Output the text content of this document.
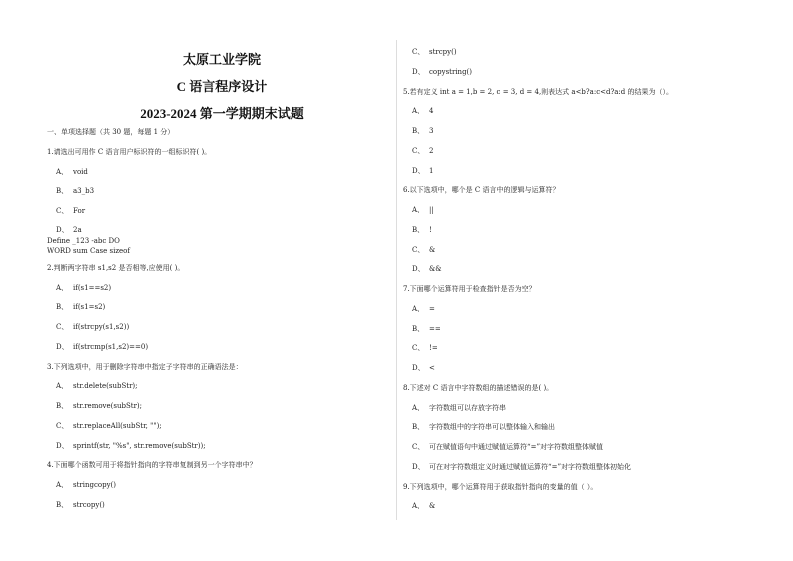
太原工业学院
C 语言程序设计
2023-2024 第一学期期末试题
一、单项选择题（共 30 题，每题 1 分）
1.请选出可用作 C 语言用户标识符的一组标识符( )。
A、 void
B、 a3_b3
C、 For
D、 2a
Define _123 -abc DO
WORD sum Case sizeof
2.判断两字符串 s1,s2 是否相等,应使用( )。
A、 if(s1==s2)
B、 if(s1=s2)
C、 if(strcpy(s1,s2))
D、 if(strcmp(s1,s2)==0)
3.下列选项中，用于删除字符串中指定子字符串的正确语法是：
A、 str.delete(subStr);
B、 str.remove(subStr);
C、 str.replaceAll(subStr, "");
D、 sprintf(str, "%s", str.remove(subStr));
4.下面哪个函数可用于将指针指向的字符串复制到另一个字符串中？
A、 stringcopy()
B、 strcopy()
C、 strcpy()
D、 copystring()
5.若有定义 int a = 1,b = 2, c = 3, d = 4,则表达式 a<b?a:c<d?a:d 的结果为（）。
A、 4
B、 3
C、 2
D、 1
6.以下选项中，哪个是 C 语言中的逻辑与运算符？
A、 ||
B、 !
C、 &
D、 &&
7.下面哪个运算符用于检查指针是否为空？
A、 =
B、 ==
C、 !=
D、 <
8.下述对 C 语言中字符数组的描述错误的是( )。
A、 字符数组可以存放字符串
B、 字符数组中的字符串可以整体输入和输出
C、 可在赋值语句中通过赋值运算符“=”对字符数组整体赋值
D、 可在对字符数组定义时通过赋值运算符“=”对字符数组整体初始化
9.下列选项中，哪个运算符用于获取指针指向的变量的值（ ）。
A、 &
